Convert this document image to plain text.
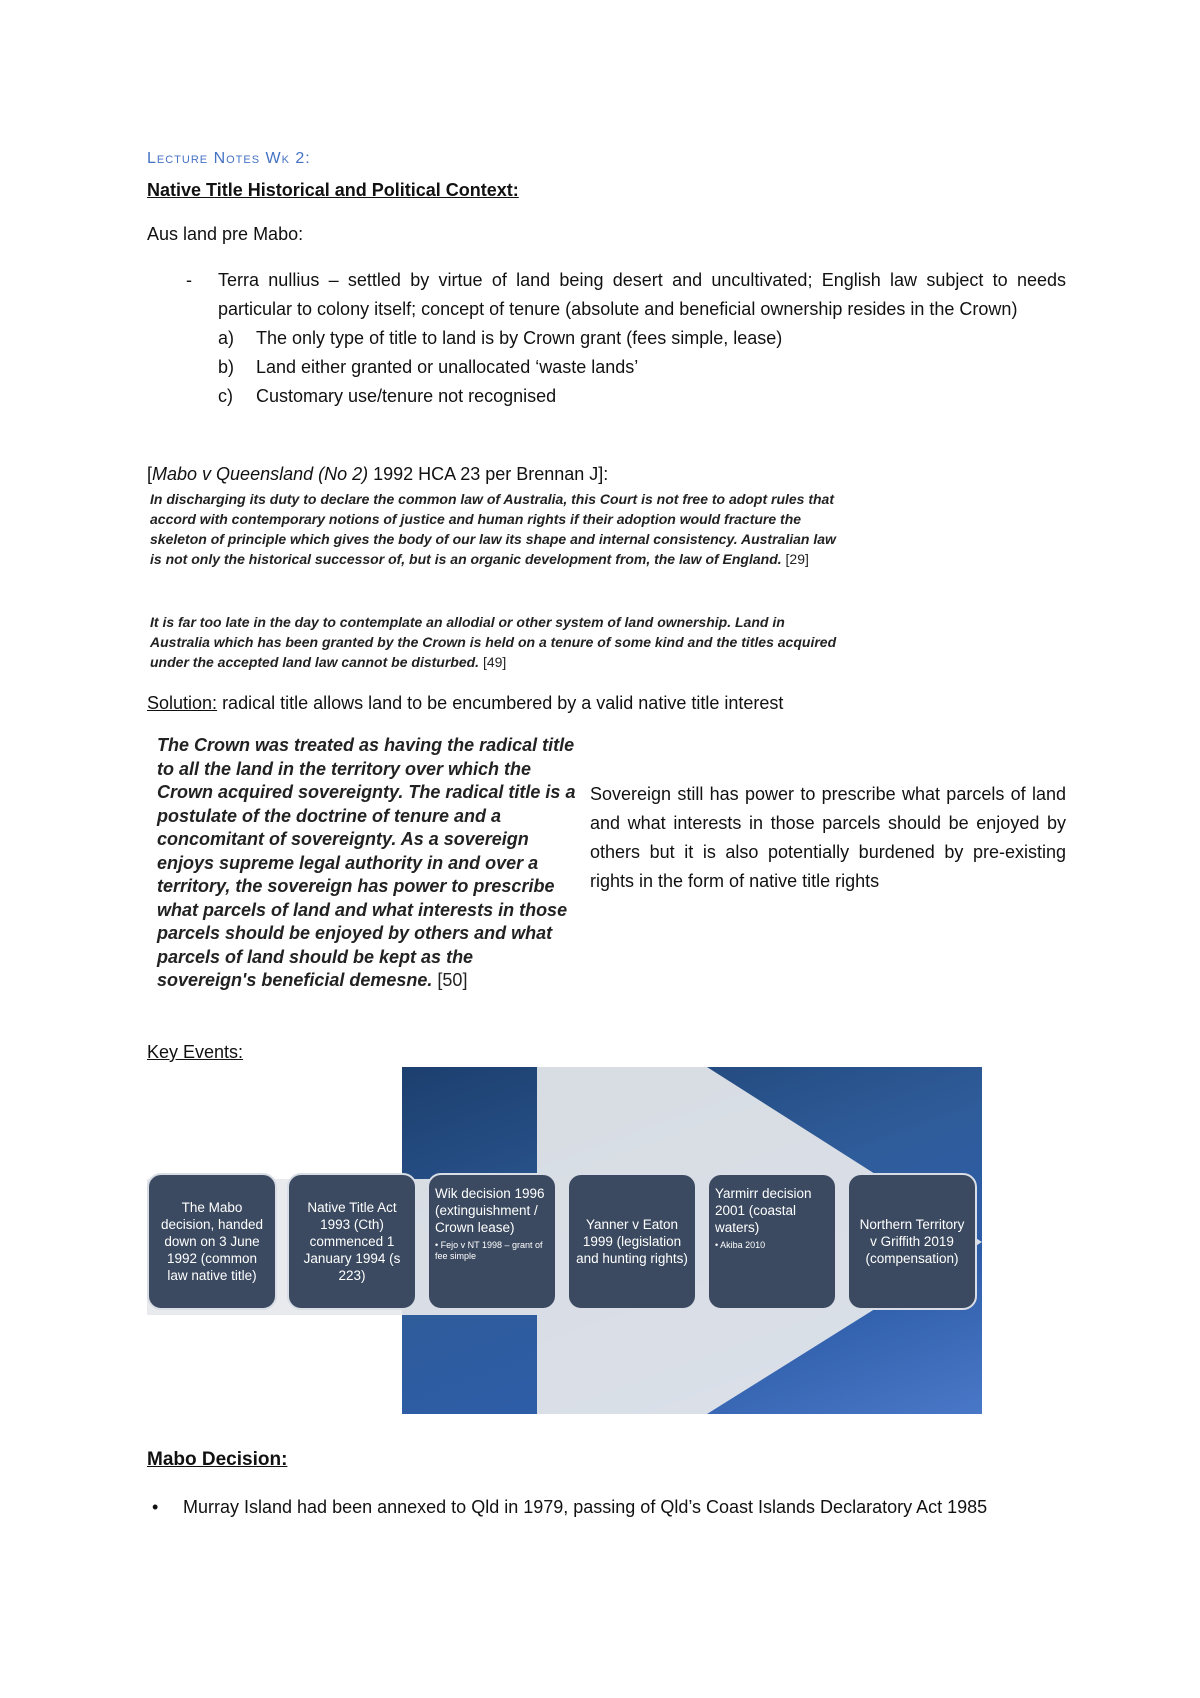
Lecture Notes Wk 2:
Native Title Historical and Political Context:
Aus land pre Mabo:
- Terra nullius – settled by virtue of land being desert and uncultivated; English law subject to needs particular to colony itself; concept of tenure (absolute and beneficial ownership resides in the Crown)
a)	The only type of title to land is by Crown grant (fees simple, lease)
b)	Land either granted or unallocated ‘waste lands’
c)	Customary use/tenure not recognised
[Mabo v Queensland (No 2) 1992 HCA 23 per Brennan J]:
In discharging its duty to declare the common law of Australia, this Court is not free to adopt rules that accord with contemporary notions of justice and human rights if their adoption would fracture the skeleton of principle which gives the body of our law its shape and internal consistency. Australian law is not only the historical successor of, but is an organic development from, the law of England. [29]
It is far too late in the day to contemplate an allodial or other system of land ownership. Land in Australia which has been granted by the Crown is held on a tenure of some kind and the titles acquired under the accepted land law cannot be disturbed. [49]
Solution: radical title allows land to be encumbered by a valid native title interest
The Crown was treated as having the radical title to all the land in the territory over which the Crown acquired sovereignty. The radical title is a postulate of the doctrine of tenure and a concomitant of sovereignty. As a sovereign enjoys supreme legal authority in and over a territory, the sovereign has power to prescribe what parcels of land and what interests in those parcels should be enjoyed by others and what parcels of land should be kept as the sovereign's beneficial demesne. [50]
Sovereign still has power to prescribe what parcels of land and what interests in those parcels should be enjoyed by others but it is also potentially burdened by pre-existing rights in the form of native title rights
Key Events:
The Mabo decision, handed down on 3 June 1992 (common law native title)
Native Title Act 1993 (Cth) commenced 1 January 1994 (s 223)
Wik decision 1996 (extinguishment / Crown lease)
• Fejo v NT 1998 – grant of fee simple
Yanner v Eaton 1999 (legislation and hunting rights)
Yarmirr decision 2001 (coastal waters)
• Akiba 2010
Northern Territory v Griffith 2019 (compensation)
Mabo Decision:
• Murray Island had been annexed to Qld in 1979, passing of Qld’s Coast Islands Declaratory Act 1985
